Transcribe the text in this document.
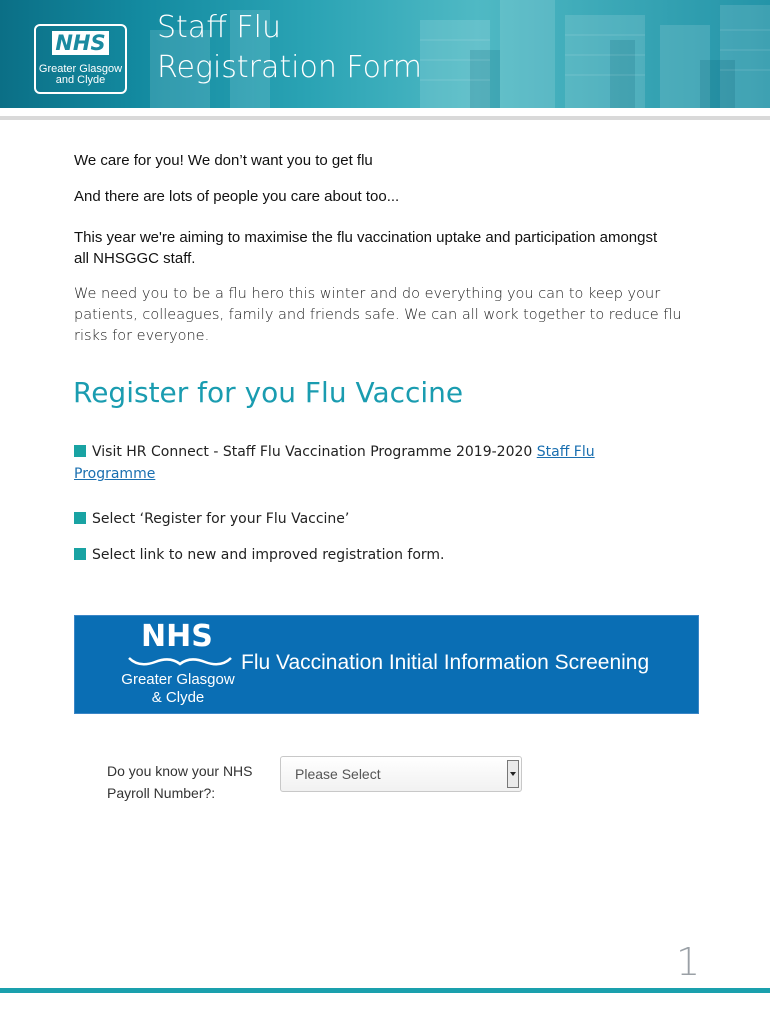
NHS
Greater Glasgow
and Clyde
Staff Flu
Registration Form

We care for you! We don’t want you to get flu

And there are lots of people you care about too...

This year we're aiming to maximise the flu vaccination uptake and participation amongst all NHSGGC staff.

We need you to be a flu hero this winter and do everything you can to keep your patients, colleagues, family and friends safe. We can all work together to reduce flu risks for everyone.

Register for you Flu Vaccine
Visit HR Connect - Staff Flu Vaccination Programme 2019-2020 Staff Flu Programme
Select ‘Register for your Flu Vaccine’
Select link to new and improved registration form.
NHS
Greater Glasgow
& Clyde
Flu Vaccination Initial Information Screening
Do you know your NHS
Payroll Number?:
Please Select
1
